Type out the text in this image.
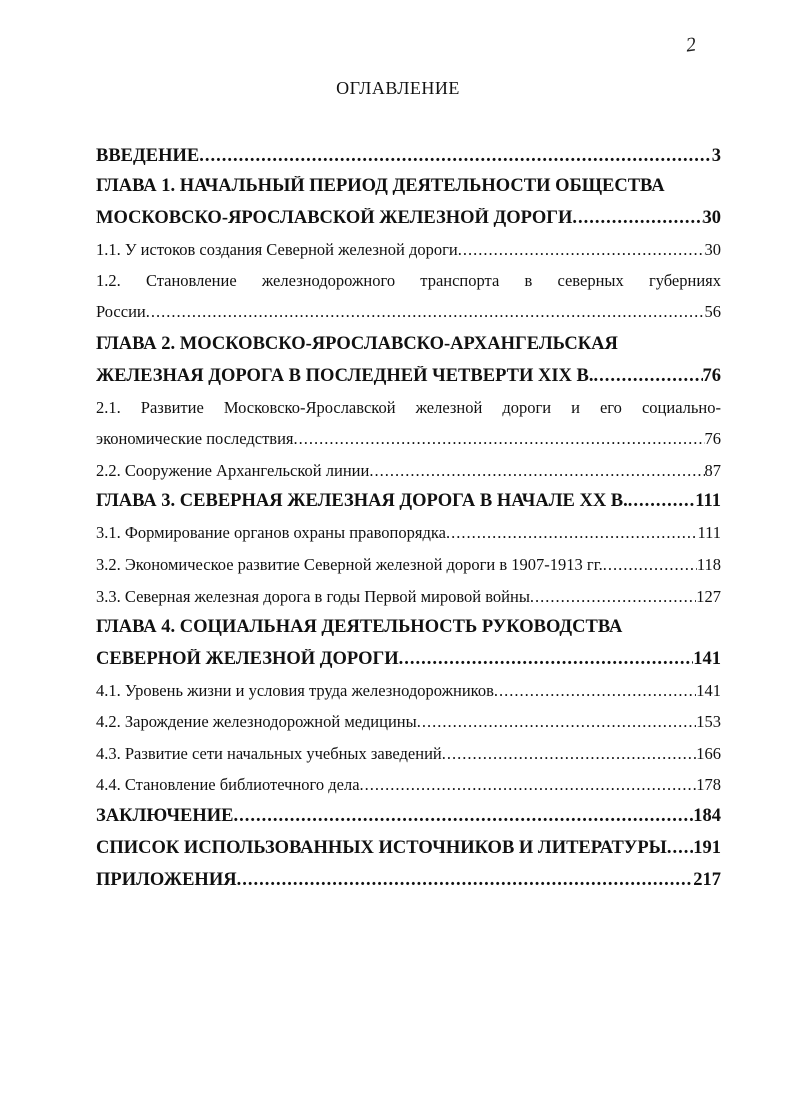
2
ОГЛАВЛЕНИЕ
ВВЕДЕНИЕ .....	3
ГЛАВА 1. НАЧАЛЬНЫЙ ПЕРИОД ДЕЯТЕЛЬНОСТИ ОБЩЕСТВА
МОСКОВСКО-ЯРОСЛАВСКОЙ ЖЕЛЕЗНОЙ ДОРОГИ .....	30
1.1. У истоков создания Северной железной дороги .....	30
1.2. Становление железнодорожного транспорта в северных губерниях
России .....	56
ГЛАВА 2. МОСКОВСКО-ЯРОСЛАВСКО-АРХАНГЕЛЬСКАЯ
ЖЕЛЕЗНАЯ ДОРОГА В ПОСЛЕДНЕЙ ЧЕТВЕРТИ XIX В. .....	76
2.1. Развитие Московско-Ярославской железной дороги и его социально-
экономические последствия .....	76
2.2. Сооружение Архангельской линии .....	87
ГЛАВА 3. СЕВЕРНАЯ ЖЕЛЕЗНАЯ ДОРОГА В НАЧАЛЕ XX В. .....	111
3.1. Формирование органов охраны правопорядка .....	111
3.2. Экономическое развитие Северной железной дороги в 1907-1913 гг. .....	118
3.3. Северная железная дорога в годы Первой мировой войны .....	127
ГЛАВА 4. СОЦИАЛЬНАЯ ДЕЯТЕЛЬНОСТЬ РУКОВОДСТВА
СЕВЕРНОЙ ЖЕЛЕЗНОЙ ДОРОГИ .....	141
4.1. Уровень жизни и условия труда железнодорожников .....	141
4.2. Зарождение железнодорожной медицины .....	153
4.3. Развитие сети начальных учебных заведений .....	166
4.4. Становление библиотечного дела .....	178
ЗАКЛЮЧЕНИЕ .....	184
СПИСОК ИСПОЛЬЗОВАННЫХ ИСТОЧНИКОВ И ЛИТЕРАТУРЫ ..... 191
ПРИЛОЖЕНИЯ .....	217
